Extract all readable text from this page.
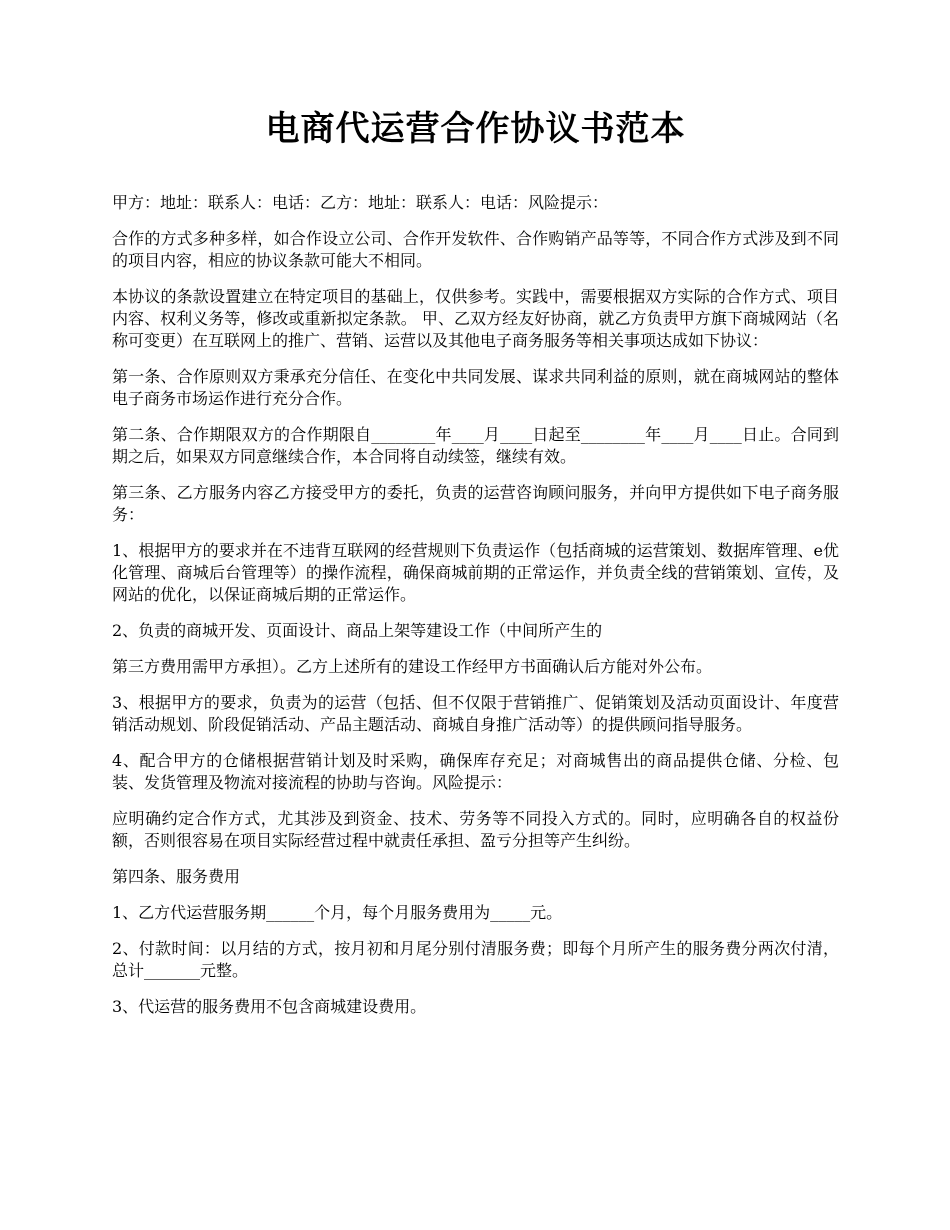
电商代运营合作协议书范本

甲方：地址：联系人：电话：乙方：地址：联系人：电话：风险提示：

合作的方式多种多样，如合作设立公司、合作开发软件、合作购销产品等等，不同合作方式涉及到不同的项目内容，相应的协议条款可能大不相同。

本协议的条款设置建立在特定项目的基础上，仅供参考。实践中，需要根据双方实际的合作方式、项目内容、权利义务等，修改或重新拟定条款。 甲、乙双方经友好协商，就乙方负责甲方旗下商城网站（名称可变更）在互联网上的推广、营销、运营以及其他电子商务服务等相关事项达成如下协议：

第一条、合作原则双方秉承充分信任、在变化中共同发展、谋求共同利益的原则，就在商城网站的整体电子商务市场运作进行充分合作。

第二条、合作期限双方的合作期限自________年____月____日起至________年____月____日止。合同到期之后，如果双方同意继续合作，本合同将自动续签，继续有效。

第三条、乙方服务内容乙方接受甲方的委托，负责的运营咨询顾问服务，并向甲方提供如下电子商务服务：

1、根据甲方的要求并在不违背互联网的经营规则下负责运作（包括商城的运营策划、数据库管理、e优化管理、商城后台管理等）的操作流程，确保商城前期的正常运作，并负责全线的营销策划、宣传，及网站的优化，以保证商城后期的正常运作。

2、负责的商城开发、页面设计、商品上架等建设工作（中间所产生的

第三方费用需甲方承担）。乙方上述所有的建设工作经甲方书面确认后方能对外公布。

3、根据甲方的要求，负责为的运营（包括、但不仅限于营销推广、促销策划及活动页面设计、年度营销活动规划、阶段促销活动、产品主题活动、商城自身推广活动等）的提供顾问指导服务。

4、配合甲方的仓储根据营销计划及时采购，确保库存充足；对商城售出的商品提供仓储、分检、包装、发货管理及物流对接流程的协助与咨询。风险提示：

应明确约定合作方式，尤其涉及到资金、技术、劳务等不同投入方式的。同时，应明确各自的权益份额，否则很容易在项目实际经营过程中就责任承担、盈亏分担等产生纠纷。

第四条、服务费用

1、乙方代运营服务期______个月，每个月服务费用为_____元。

2、付款时间：以月结的方式，按月初和月尾分别付清服务费；即每个月所产生的服务费分两次付清，总计_______元整。

3、代运营的服务费用不包含商城建设费用。
